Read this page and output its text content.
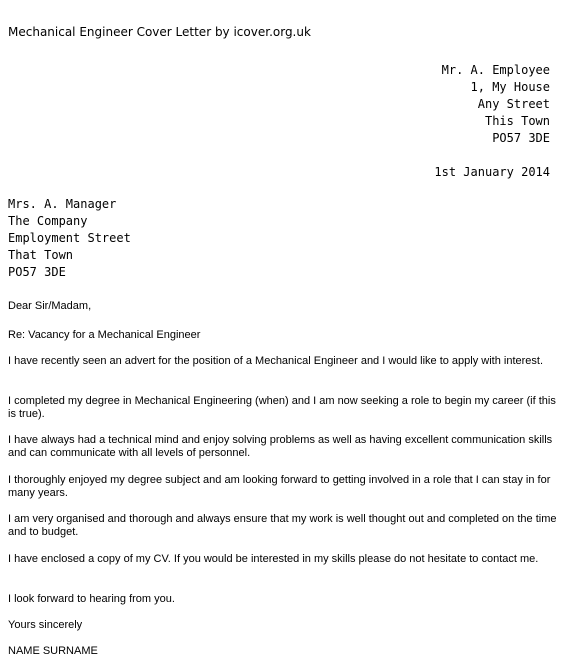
Mechanical Engineer Cover Letter by icover.org.uk
Mr. A. Employee
1, My House
Any Street
This Town
PO57 3DE
1st January 2014
Mrs. A. Manager
The Company
Employment Street
That Town
PO57 3DE
Dear Sir/Madam,
Re: Vacancy for a Mechanical Engineer
I have recently seen an advert for the position of a Mechanical Engineer and I would like to apply with interest.
I completed my degree in Mechanical Engineering (when) and I am now seeking a role to begin my career (if this is true).
I have always had a technical mind and enjoy solving problems as well as having excellent communication skills and can communicate with all levels of personnel.
I thoroughly enjoyed my degree subject and am looking forward to getting involved in a role that I can stay in for many years.
I am very organised and thorough and always ensure that my work is well thought out and completed on the time and to budget.
I have enclosed a copy of my CV. If you would be interested in my skills please do not hesitate to contact me.
I look forward to hearing from you.
Yours sincerely
NAME SURNAME
